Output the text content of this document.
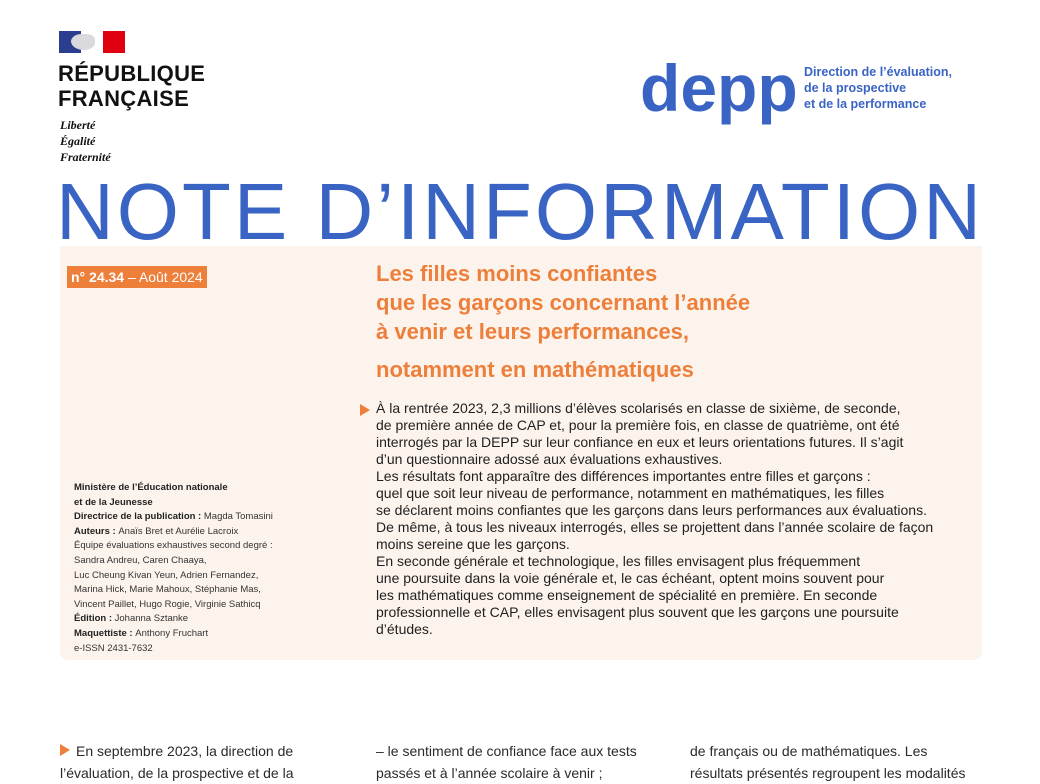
RÉPUBLIQUE
FRANÇAISE
Liberté
Égalité
Fraternité
depp Direction de l’évaluation,
de la prospective
et de la performance
NOTE D’INFORMATION
n° 24.34 – Août 2024	Les filles moins confiantes
que les garçons concernant l’année
à venir et leurs performances,
notamment en mathématiques

À la rentrée 2023, 2,3 millions d’élèves scolarisés en classe de sixième, de seconde,

de première année de CAP et, pour la première fois, en classe de quatrième, ont été

interrogés par la DEPP sur leur confiance en eux et leurs orientations futures. Il s’agit

d’un questionnaire adossé aux évaluations exhaustives.

Les résultats font apparaître des différences importantes entre filles et garçons :

quel que soit leur niveau de performance, notamment en mathématiques, les filles

se déclarent moins confiantes que les garçons dans leurs performances aux évaluations.

De même, à tous les niveaux interrogés, elles se projettent dans l’année scolaire de façon

moins sereine que les garçons.

En seconde générale et technologique, les filles envisagent plus fréquemment

une poursuite dans la voie générale et, le cas échéant, optent moins souvent pour

les mathématiques comme enseignement de spécialité en première. En seconde

professionnelle et CAP, elles envisagent plus souvent que les garçons une poursuite

d’études.

Ministère de l’Éducation nationale

et de la Jeunesse

Directrice de la publication : Magda Tomasini

Auteurs : Anaïs Bret et Aurélie Lacroix

Équipe évaluations exhaustives second degré :

Sandra Andreu, Caren Chaaya,

Luc Cheung Kivan Yeun, Adrien Fernandez,

Marina Hick, Marie Mahoux, Stéphanie Mas,

Vincent Paillet, Hugo Rogie, Virginie Sathicq

Édition : Johanna Sztanke

Maquettiste : Anthony Fruchart

e-ISSN 2431-7632

En septembre 2023, la direction de

l’évaluation, de la prospective et de la

– le sentiment de confiance face aux tests

passés et à l’année scolaire à venir ;

de français ou de mathématiques. Les

résultats présentés regroupent les modalités
